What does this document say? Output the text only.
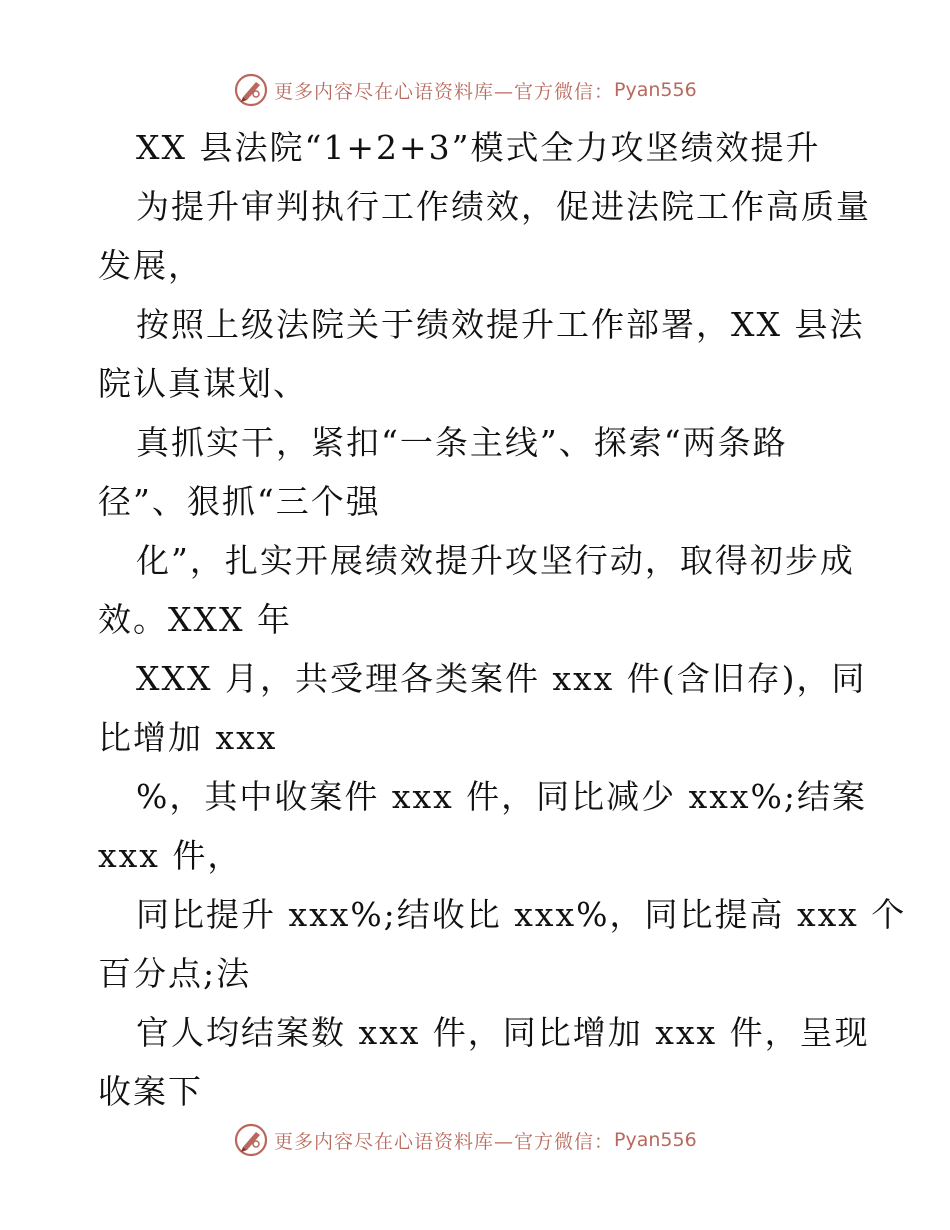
更多内容尽在心语资料库—官方微信： Pyan556
XX 县法院“1+2+3”模式全力攻坚绩效提升
为提升审判执行工作绩效，促进法院工作高质量
发展，
按照上级法院关于绩效提升工作部署，XX 县法
院认真谋划、
真抓实干，紧扣“一条主线”、探索“两条路
径”、狠抓“三个强
化”，扎实开展绩效提升攻坚行动，取得初步成
效。XXX 年
XXX 月，共受理各类案件 xxx 件(含旧存)，同
比增加 xxx
%，其中收案件 xxx 件，同比减少 xxx%;结案
xxx 件，
同比提升 xxx%;结收比 xxx%，同比提高 xxx 个
百分点;法
官人均结案数 xxx 件，同比增加 xxx 件，呈现
收案下
更多内容尽在心语资料库—官方微信： Pyan556
